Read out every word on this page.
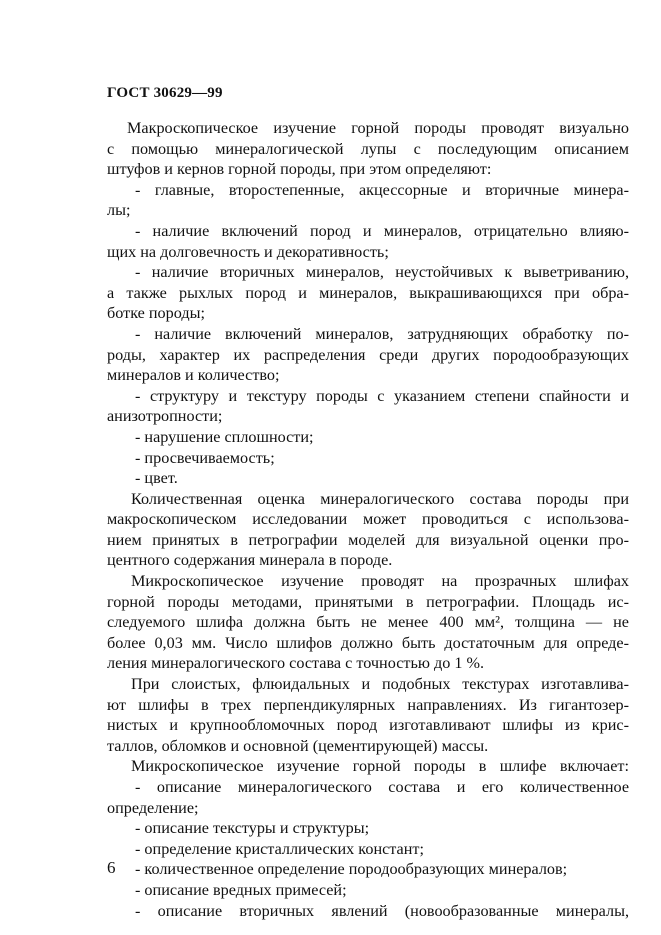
ГОСТ 30629—99
Макроскопическое изучение горной породы проводят визуально
с помощью минералогической лупы с последующим описанием
штуфов и кернов горной породы, при этом определяют:
- главные, второстепенные, акцессорные и вторичные минера-
лы;
- наличие включений пород и минералов, отрицательно влияю-
щих на долговечность и декоративность;
- наличие вторичных минералов, неустойчивых к выветриванию,
а также рыхлых пород и минералов, выкрашивающихся при обра-
ботке породы;
- наличие включений минералов, затрудняющих обработку по-
роды, характер их распределения среди других породообразующих
минералов и количество;
- структуру и текстуру породы с указанием степени спайности и
анизотропности;
- нарушение сплошности;
- просвечиваемость;
- цвет.
Количественная оценка минералогического состава породы при
макроскопическом исследовании может проводиться с использова-
нием принятых в петрографии моделей для визуальной оценки про-
центного содержания минерала в породе.
Микроскопическое изучение проводят на прозрачных шлифах
горной породы методами, принятыми в петрографии. Площадь ис-
следуемого шлифа должна быть не менее 400 мм², толщина — не
более 0,03 мм. Число шлифов должно быть достаточным для опреде-
ления минералогического состава с точностью до 1 %.
При слоистых, флюидальных и подобных текстурах изготавлива-
ют шлифы в трех перпендикулярных направлениях. Из гигантозер-
нистых и крупнообломочных пород изготавливают шлифы из крис-
таллов, обломков и основной (цементирующей) массы.
Микроскопическое изучение горной породы в шлифе включает:
- описание минералогического состава и его количественное
определение;
- описание текстуры и структуры;
- определение кристаллических констант;
- количественное определение породообразующих минералов;
- описание вредных примесей;
- описание вторичных явлений (новообразованные минералы,
6
